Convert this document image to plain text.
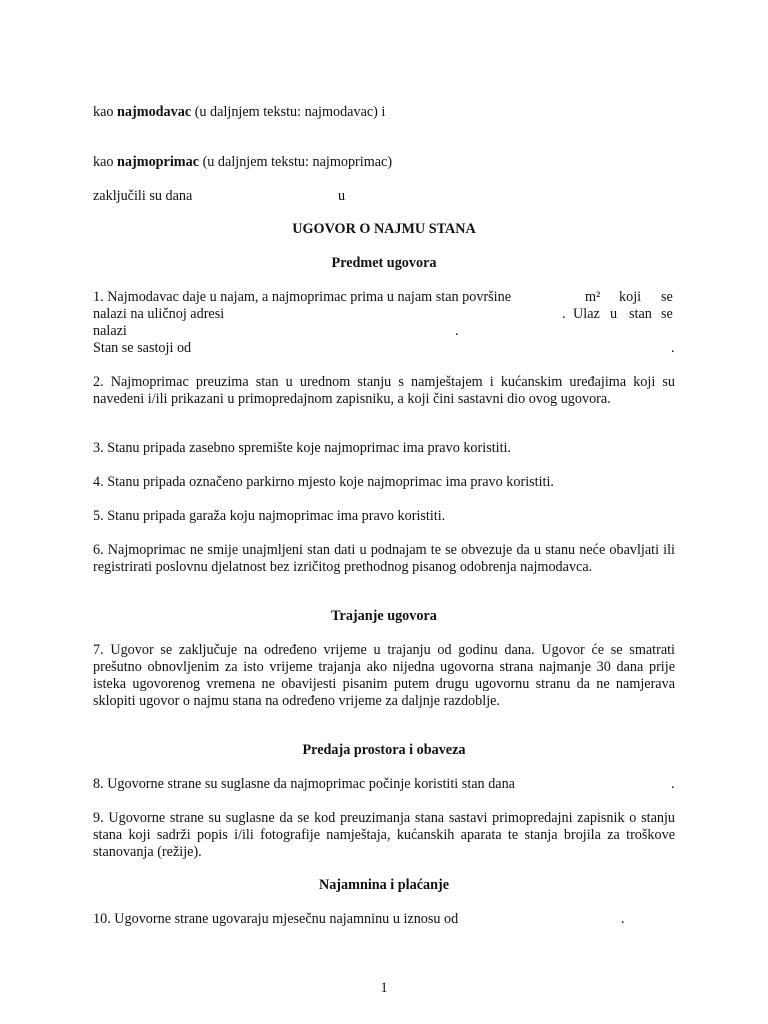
kao najmodavac (u daljnjem tekstu: najmodavac) i
kao najmoprimac (u daljnjem tekstu: najmoprimac)
zaključili su dana	u
UGOVOR O NAJMU STANA
Predmet ugovora
1. Najmodavac daje u najam, a najmoprimac prima u najam stan površine	m² koji se
nalazi na uličnoj adresi	. Ulaz u stan se
nalazi	.
Stan se sastoji od	.
2. Najmoprimac preuzima stan u urednom stanju s namještajem i kućanskim uređajima koji su navedeni i/ili prikazani u primopredajnom zapisniku, a koji čini sastavni dio ovog ugovora.
3. Stanu pripada zasebno spremište koje najmoprimac ima pravo koristiti.
4. Stanu pripada označeno parkirno mjesto koje najmoprimac ima pravo koristiti.
5. Stanu pripada garaža koju najmoprimac ima pravo koristiti.
6. Najmoprimac ne smije unajmljeni stan dati u podnajam te se obvezuje da u stanu neće obavljati ili registrirati poslovnu djelatnost bez izričitog prethodnog pisanog odobrenja najmodavca.
Trajanje ugovora
7. Ugovor se zaključuje na određeno vrijeme u trajanju od godinu dana. Ugovor će se smatrati prešutno obnovljenim za isto vrijeme trajanja ako nijedna ugovorna strana najmanje 30 dana prije isteka ugovorenog vremena ne obavijesti pisanim putem drugu ugovornu stranu da ne namjerava sklopiti ugovor o najmu stana na određeno vrijeme za daljnje razdoblje.
Predaja prostora i obaveza
8. Ugovorne strane su suglasne da najmoprimac počinje koristiti stan dana	.
9. Ugovorne strane su suglasne da se kod preuzimanja stana sastavi primopredajni zapisnik o stanju stana koji sadrži popis i/ili fotografije namještaja, kućanskih aparata te stanja brojila za troškove stanovanja (režije).
Najamnina i plaćanje
10. Ugovorne strane ugovaraju mjesečnu najamninu u iznosu od	.
1
